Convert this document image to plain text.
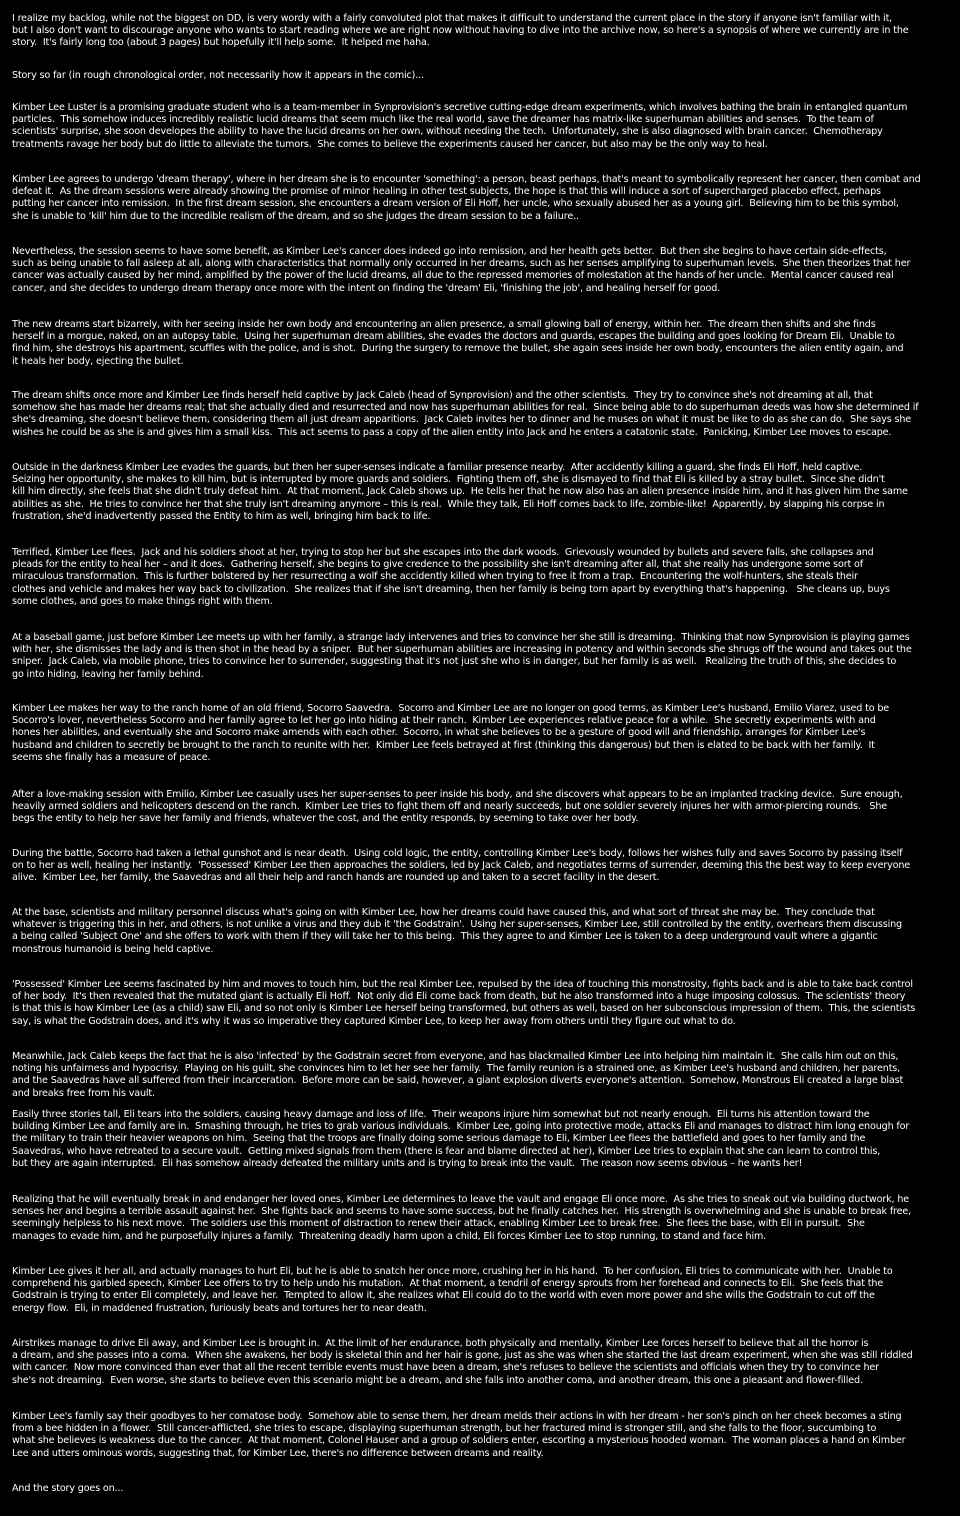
I realize my backlog, while not the biggest on DD, is very wordy with a fairly convoluted plot that makes it difficult to understand the current place in the story if anyone isn't familiar with it,
but I also don't want to discourage anyone who wants to start reading where we are right now without having to dive into the archive now, so here's a synopsis of where we currently are in the
story.  It's fairly long too (about 3 pages) but hopefully it'll help some.  It helped me haha.

Story so far (in rough chronological order, not necessarily how it appears in the comic)...

Kimber Lee Luster is a promising graduate student who is a team-member in Synprovision's secretive cutting-edge dream experiments, which involves bathing the brain in entangled quantum
particles.  This somehow induces incredibly realistic lucid dreams that seem much like the real world, save the dreamer has matrix-like superhuman abilities and senses.  To the team of
scientists' surprise, she soon developes the ability to have the lucid dreams on her own, without needing the tech.  Unfortunately, she is also diagnosed with brain cancer.  Chemotherapy
treatments ravage her body but do little to alleviate the tumors.  She comes to believe the experiments caused her cancer, but also may be the only way to heal.

Kimber Lee agrees to undergo 'dream therapy', where in her dream she is to encounter 'something': a person, beast perhaps, that's meant to symbolically represent her cancer, then combat and
defeat it.  As the dream sessions were already showing the promise of minor healing in other test subjects, the hope is that this will induce a sort of supercharged placebo effect, perhaps
putting her cancer into remission.  In the first dream session, she encounters a dream version of Eli Hoff, her uncle, who sexually abused her as a young girl.  Believing him to be this symbol,
she is unable to 'kill' him due to the incredible realism of the dream, and so she judges the dream session to be a failure..

Nevertheless, the session seems to have some benefit, as Kimber Lee's cancer does indeed go into remission, and her health gets better.  But then she begins to have certain side-effects,
such as being unable to fall asleep at all, along with characteristics that normally only occurred in her dreams, such as her senses amplifying to superhuman levels.  She then theorizes that her
cancer was actually caused by her mind, amplified by the power of the lucid dreams, all due to the repressed memories of molestation at the hands of her uncle.  Mental cancer caused real
cancer, and she decides to undergo dream therapy once more with the intent on finding the 'dream' Eli, 'finishing the job', and healing herself for good.

The new dreams start bizarrely, with her seeing inside her own body and encountering an alien presence, a small glowing ball of energy, within her.  The dream then shifts and she finds
herself in a morgue, naked, on an autopsy table.  Using her superhuman dream abilities, she evades the doctors and guards, escapes the building and goes looking for Dream Eli.  Unable to
find him, she destroys his apartment, scuffles with the police, and is shot.  During the surgery to remove the bullet, she again sees inside her own body, encounters the alien entity again, and
it heals her body, ejecting the bullet.

The dream shifts once more and Kimber Lee finds herself held captive by Jack Caleb (head of Synprovision) and the other scientists.  They try to convince she's not dreaming at all, that
somehow she has made her dreams real; that she actually died and resurrected and now has superhuman abilities for real.  Since being able to do superhuman deeds was how she determined if
she's dreaming, she doesn't believe them, considering them all just dream apparitions.  Jack Caleb invites her to dinner and he muses on what it must be like to do as she can do.  She says she
wishes he could be as she is and gives him a small kiss.  This act seems to pass a copy of the alien entity into Jack and he enters a catatonic state.  Panicking, Kimber Lee moves to escape.

Outside in the darkness Kimber Lee evades the guards, but then her super-senses indicate a familiar presence nearby.  After accidently killing a guard, she finds Eli Hoff, held captive.
Seizing her opportunity, she makes to kill him, but is interrupted by more guards and soldiers.  Fighting them off, she is dismayed to find that Eli is killed by a stray bullet.  Since she didn't
kill him directly, she feels that she didn't truly defeat him.  At that moment, Jack Caleb shows up.  He tells her that he now also has an alien presence inside him, and it has given him the same
abilities as she.  He tries to convince her that she truly isn't dreaming anymore – this is real.  While they talk, Eli Hoff comes back to life, zombie-like!  Apparently, by slapping his corpse in
frustration, she'd inadvertently passed the Entity to him as well, bringing him back to life.

Terrified, Kimber Lee flees.  Jack and his soldiers shoot at her, trying to stop her but she escapes into the dark woods.  Grievously wounded by bullets and severe falls, she collapses and
pleads for the entity to heal her – and it does.  Gathering herself, she begins to give credence to the possibility she isn't dreaming after all, that she really has undergone some sort of
miraculous transformation.  This is further bolstered by her resurrecting a wolf she accidently killed when trying to free it from a trap.  Encountering the wolf-hunters, she steals their
clothes and vehicle and makes her way back to civilization.  She realizes that if she isn't dreaming, then her family is being torn apart by everything that's happening.   She cleans up, buys
some clothes, and goes to make things right with them.

At a baseball game, just before Kimber Lee meets up with her family, a strange lady intervenes and tries to convince her she still is dreaming.  Thinking that now Synprovision is playing games
with her, she dismisses the lady and is then shot in the head by a sniper.  But her superhuman abilities are increasing in potency and within seconds she shrugs off the wound and takes out the
sniper.  Jack Caleb, via mobile phone, tries to convince her to surrender, suggesting that it's not just she who is in danger, but her family is as well.   Realizing the truth of this, she decides to
go into hiding, leaving her family behind.

Kimber Lee makes her way to the ranch home of an old friend, Socorro Saavedra.  Socorro and Kimber Lee are no longer on good terms, as Kimber Lee's husband, Emilio Viarez, used to be
Socorro's lover, nevertheless Socorro and her family agree to let her go into hiding at their ranch.  Kimber Lee experiences relative peace for a while.  She secretly experiments with and
hones her abilities, and eventually she and Socorro make amends with each other.  Socorro, in what she believes to be a gesture of good will and friendship, arranges for Kimber Lee's
husband and children to secretly be brought to the ranch to reunite with her.  Kimber Lee feels betrayed at first (thinking this dangerous) but then is elated to be back with her family.  It
seems she finally has a measure of peace.

After a love-making session with Emilio, Kimber Lee casually uses her super-senses to peer inside his body, and she discovers what appears to be an implanted tracking device.  Sure enough,
heavily armed soldiers and helicopters descend on the ranch.  Kimber Lee tries to fight them off and nearly succeeds, but one soldier severely injures her with armor-piercing rounds.   She
begs the entity to help her save her family and friends, whatever the cost, and the entity responds, by seeming to take over her body.

During the battle, Socorro had taken a lethal gunshot and is near death.  Using cold logic, the entity, controlling Kimber Lee's body, follows her wishes fully and saves Socorro by passing itself
on to her as well, healing her instantly.  'Possessed' Kimber Lee then approaches the soldiers, led by Jack Caleb, and negotiates terms of surrender, deeming this the best way to keep everyone
alive.  Kimber Lee, her family, the Saavedras and all their help and ranch hands are rounded up and taken to a secret facility in the desert.

At the base, scientists and military personnel discuss what's going on with Kimber Lee, how her dreams could have caused this, and what sort of threat she may be.  They conclude that
whatever is triggering this in her, and others, is not unlike a virus and they dub it 'the Godstrain'.  Using her super-senses, Kimber Lee, still controlled by the entity, overhears them discussing
a being called 'Subject One' and she offers to work with them if they will take her to this being.  This they agree to and Kimber Lee is taken to a deep underground vault where a gigantic
monstrous humanoid is being held captive.

'Possessed' Kimber Lee seems fascinated by him and moves to touch him, but the real Kimber Lee, repulsed by the idea of touching this monstrosity, fights back and is able to take back control
of her body.  It's then revealed that the mutated giant is actually Eli Hoff.  Not only did Eli come back from death, but he also transformed into a huge imposing colossus.  The scientists' theory
is that this is how Kimber Lee (as a child) saw Eli, and so not only is Kimber Lee herself being transformed, but others as well, based on her subconscious impression of them.  This, the scientists
say, is what the Godstrain does, and it's why it was so imperative they captured Kimber Lee, to keep her away from others until they figure out what to do.

Meanwhile, Jack Caleb keeps the fact that he is also 'infected' by the Godstrain secret from everyone, and has blackmailed Kimber Lee into helping him maintain it.  She calls him out on this,
noting his unfairness and hypocrisy.  Playing on his guilt, she convinces him to let her see her family.  The family reunion is a strained one, as Kimber Lee's husband and children, her parents,
and the Saavedras have all suffered from their incarceration.  Before more can be said, however, a giant explosion diverts everyone's attention.  Somehow, Monstrous Eli created a large blast
and breaks free from his vault.

Easily three stories tall, Eli tears into the soldiers, causing heavy damage and loss of life.  Their weapons injure him somewhat but not nearly enough.  Eli turns his attention toward the
building Kimber Lee and family are in.  Smashing through, he tries to grab various individuals.  Kimber Lee, going into protective mode, attacks Eli and manages to distract him long enough for
the military to train their heavier weapons on him.  Seeing that the troops are finally doing some serious damage to Eli, Kimber Lee flees the battlefield and goes to her family and the
Saavedras, who have retreated to a secure vault.  Getting mixed signals from them (there is fear and blame directed at her), Kimber Lee tries to explain that she can learn to control this,
but they are again interrupted.  Eli has somehow already defeated the military units and is trying to break into the vault.  The reason now seems obvious – he wants her!

Realizing that he will eventually break in and endanger her loved ones, Kimber Lee determines to leave the vault and engage Eli once more.  As she tries to sneak out via building ductwork, he
senses her and begins a terrible assault against her.  She fights back and seems to have some success, but he finally catches her.  His strength is overwhelming and she is unable to break free,
seemingly helpless to his next move.  The soldiers use this moment of distraction to renew their attack, enabling Kimber Lee to break free.  She flees the base, with Eli in pursuit.  She
manages to evade him, and he purposefully injures a family.  Threatening deadly harm upon a child, Eli forces Kimber Lee to stop running, to stand and face him.

Kimber Lee gives it her all, and actually manages to hurt Eli, but he is able to snatch her once more, crushing her in his hand.  To her confusion, Eli tries to communicate with her.  Unable to
comprehend his garbled speech, Kimber Lee offers to try to help undo his mutation.  At that moment, a tendril of energy sprouts from her forehead and connects to Eli.  She feels that the
Godstrain is trying to enter Eli completely, and leave her.  Tempted to allow it, she realizes what Eli could do to the world with even more power and she wills the Godstrain to cut off the
energy flow.  Eli, in maddened frustration, furiously beats and tortures her to near death.

Airstrikes manage to drive Eli away, and Kimber Lee is brought in.  At the limit of her endurance, both physically and mentally, Kimber Lee forces herself to believe that all the horror is
a dream, and she passes into a coma.  When she awakens, her body is skeletal thin and her hair is gone, just as she was when she started the last dream experiment, when she was still riddled
with cancer.  Now more convinced than ever that all the recent terrible events must have been a dream, she's refuses to believe the scientists and officials when they try to convince her
she's not dreaming.  Even worse, she starts to believe even this scenario might be a dream, and she falls into another coma, and another dream, this one a pleasant and flower-filled.

Kimber Lee's family say their goodbyes to her comatose body.  Somehow able to sense them, her dream melds their actions in with her dream - her son's pinch on her cheek becomes a sting
from a bee hidden in a flower.  Still cancer-afflicted, she tries to escape, displaying superhuman strength, but her fractured mind is stronger still, and she falls to the floor, succumbing to
what she believes is weakness due to the cancer.  At that moment, Colonel Hauser and a group of soldiers enter, escorting a mysterious hooded woman.  The woman places a hand on Kimber
Lee and utters ominous words, suggesting that, for Kimber Lee, there's no difference between dreams and reality.

And the story goes on...
